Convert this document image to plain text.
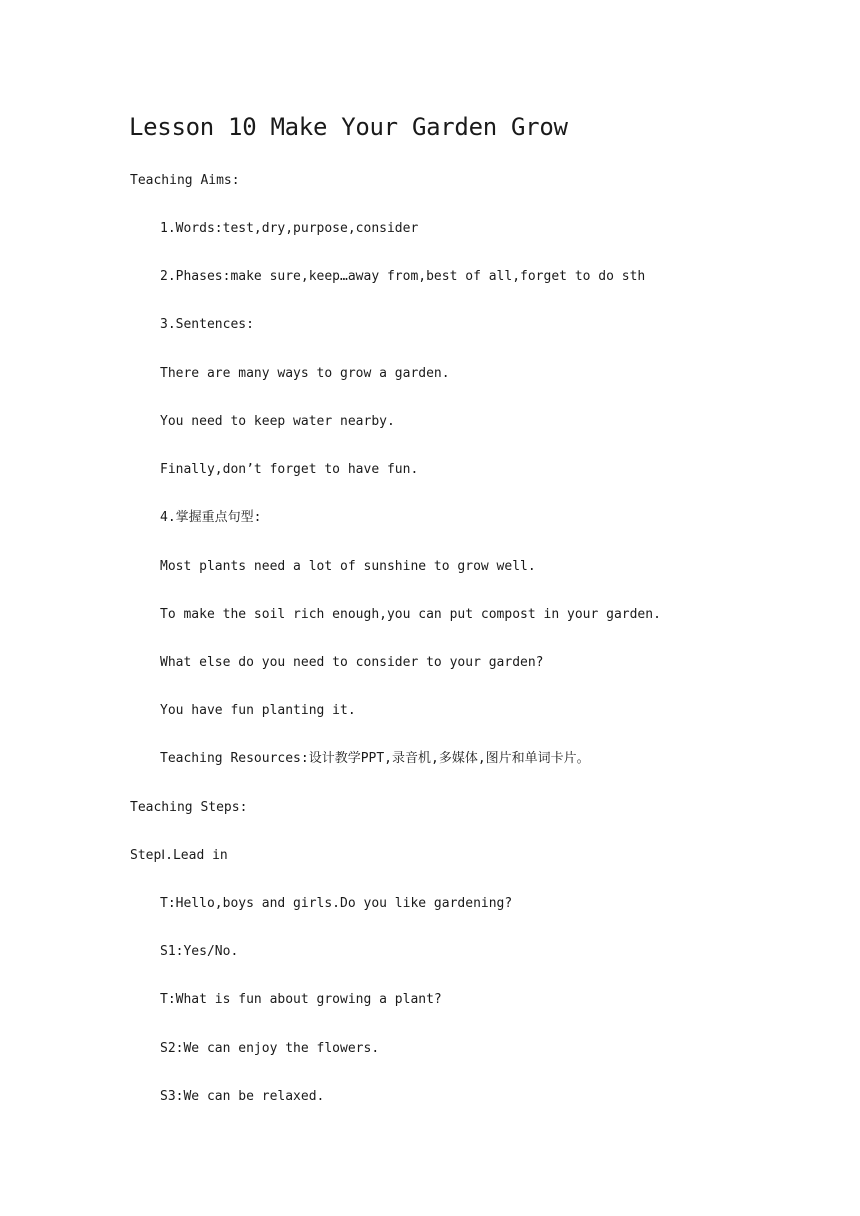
Lesson 10 Make Your Garden Grow
Teaching Aims:
1.Words:test,dry,purpose,consider
2.Phases:make sure,keep…away from,best of all,forget to do sth
3.Sentences:
There are many ways to grow a garden.
You need to keep water nearby.
Finally,don’t forget to have fun.
4.掌握重点句型:
Most plants need a lot of sunshine to grow well.
To make the soil rich enough,you can put compost in your garden.
What else do you need to consider to your garden?
You have fun planting it.
Teaching Resources:设计教学PPT,录音机,多媒体,图片和单词卡片。
Teaching Steps:
StepⅠ.Lead in
T:Hello,boys and girls.Do you like gardening?
S1:Yes/No.
T:What is fun about growing a plant?
S2:We can enjoy the flowers.
S3:We can be relaxed.
